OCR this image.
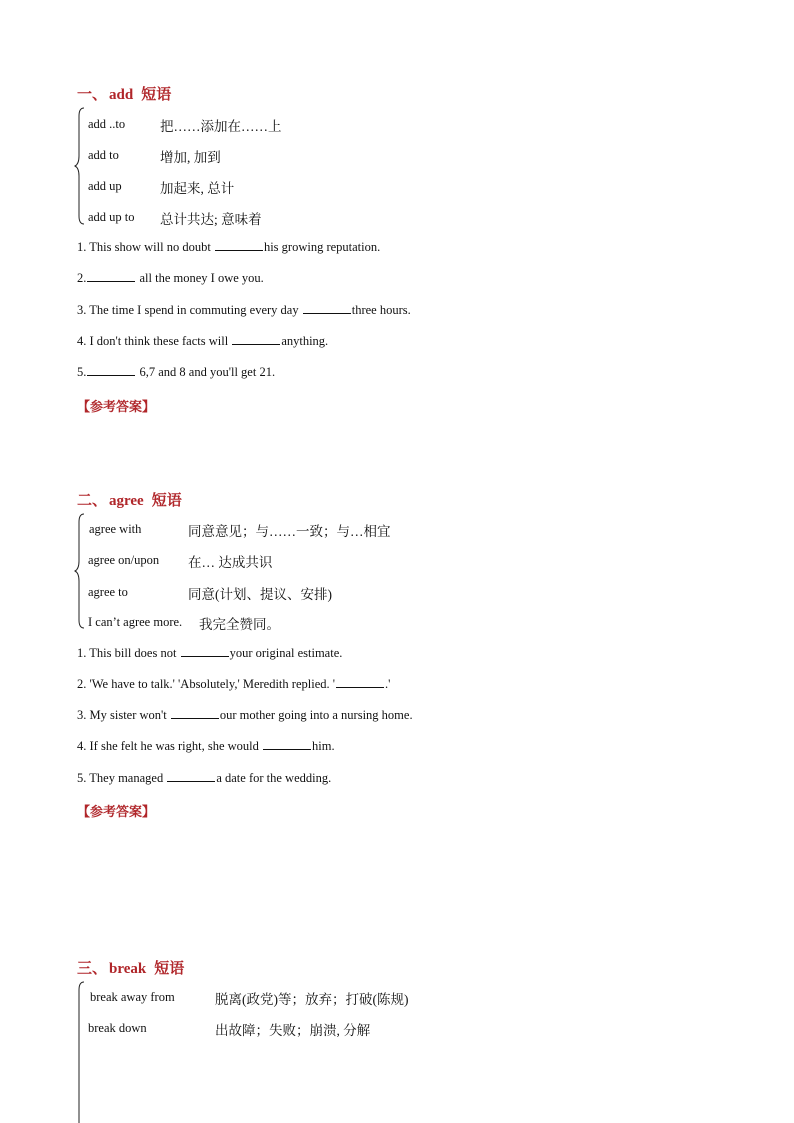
一、 add 短语
add ..to	把……添加在……上
add to	增加, 加到
add up	加起来, 总计
add up to 总计共达; 意味着
1. This show will no doubt	his growing reputation.
2.	all the money I owe you.
3. The time I spend in commuting every day	three hours.
4. I don't think these facts will	anything.
5.	6,7 and 8 and you'll get 21.
【参考答案】
二、 agree 短语
agree with	同意意见；与……一致；与…相宜
agree on/upon 在… 达成共识
agree to	同意(计划、提议、安排)
I can’t agree more. 我完全赞同。
1. This bill does not	your original estimate.
2. 'We have to talk.' 'Absolutely,' Meredith replied. '	.'
3. My sister won't	our mother going into a nursing home.
4. If she felt he was right, she would	him.
5. They managed	a date for the wedding.
【参考答案】
三、 break 短语
break away from	脱离(政党)等；放弃；打破(陈规)
break down	出故障；失败；崩溃, 分解
